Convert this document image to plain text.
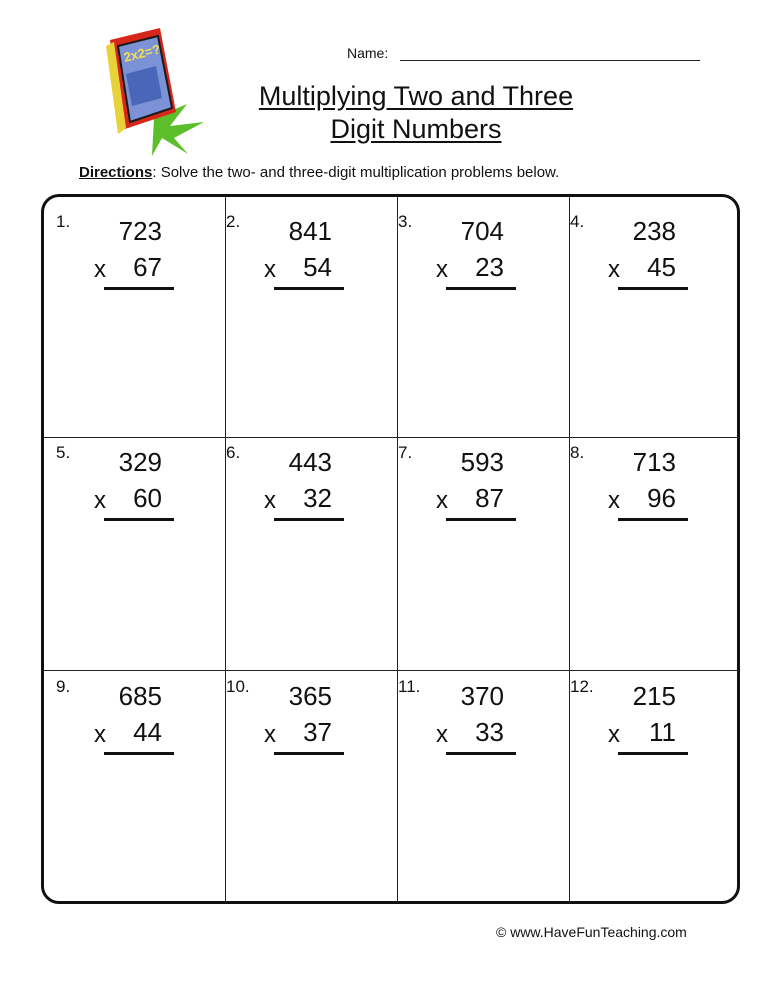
2x2=?	Name:
Multiplying Two and Three
Digit Numbers
Directions: Solve the two- and three-digit multiplication problems below.
1.	723
x	67
2.	841
x	54
3.	704
x	23
4.	238
x	45
5.	329
x	60
6.	443
x	32
7.	593
x	87
8.	713
x	96
9.	685
x	44
10.	365
x	37
11.	370
x	33
12.	215
x	11
© www.HaveFunTeaching.com
